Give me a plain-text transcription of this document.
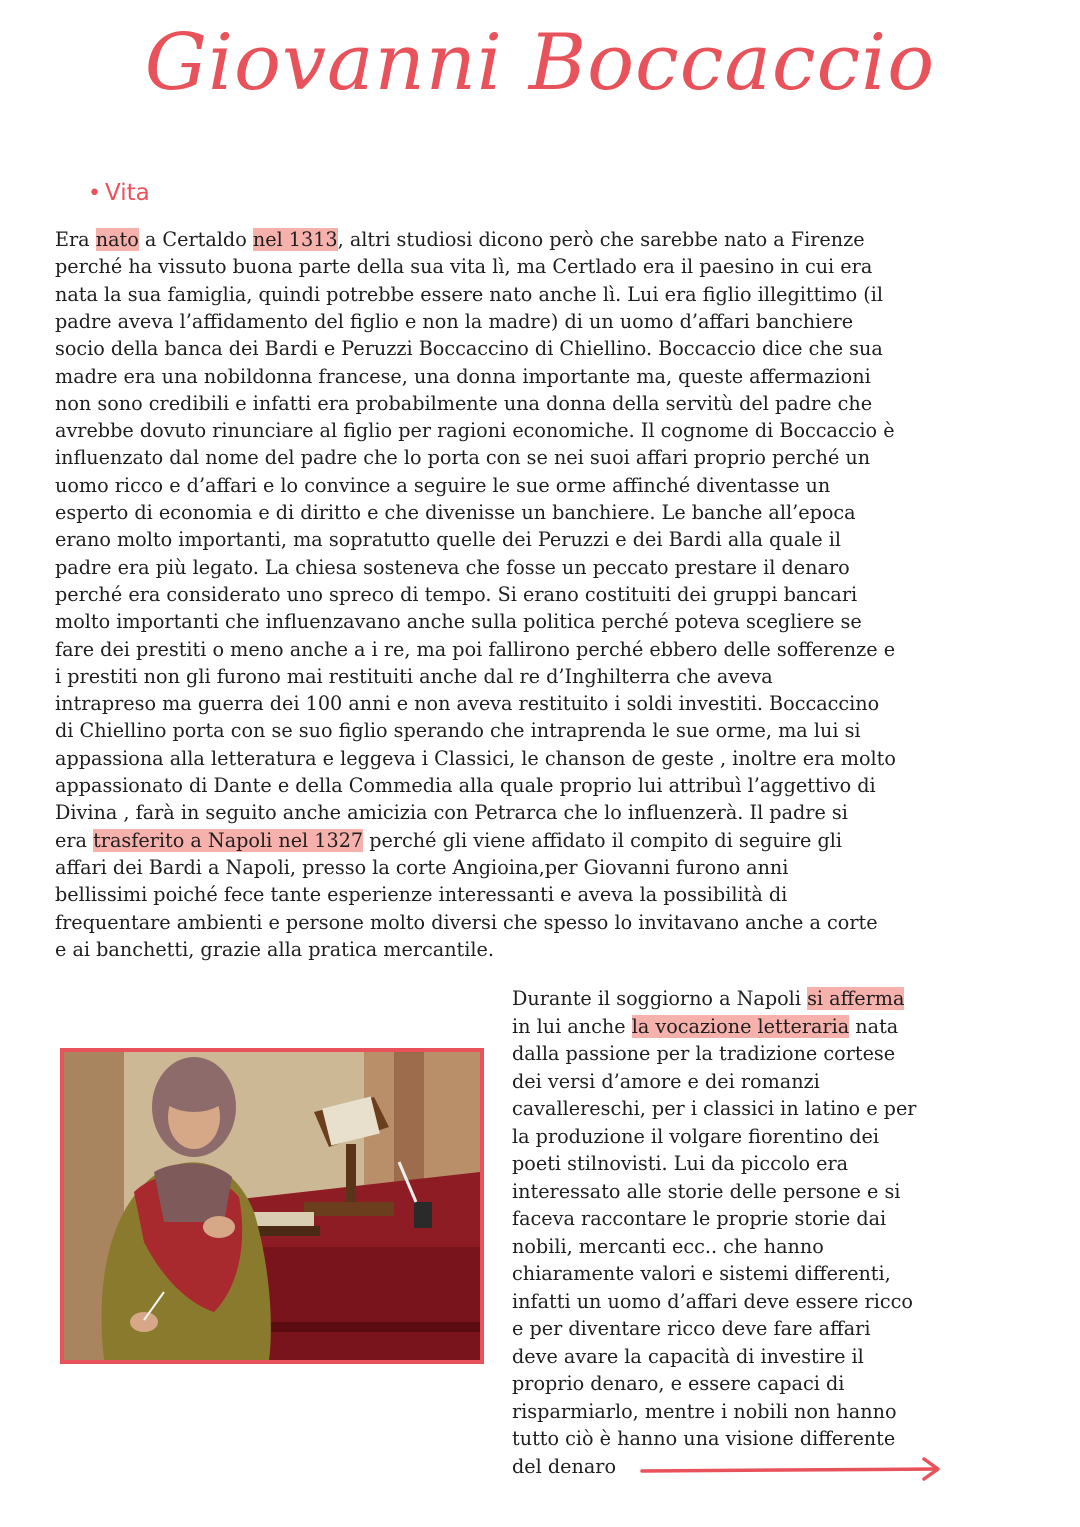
Giovanni Boccaccio
• Vita
Era nato a Certaldo nel 1313, altri studiosi dicono però che sarebbe nato a Firenze
perché ha vissuto buona parte della sua vita lì, ma Certlado era il paesino in cui era
nata la sua famiglia, quindi potrebbe essere nato anche lì. Lui era figlio illegittimo (il
padre aveva l’affidamento del figlio e non la madre) di un uomo d’affari banchiere
socio della banca dei Bardi e Peruzzi Boccaccino di Chiellino. Boccaccio dice che sua
madre era una nobildonna francese, una donna importante ma, queste affermazioni
non sono credibili e infatti era probabilmente una donna della servitù del padre che
avrebbe dovuto rinunciare al figlio per ragioni economiche. Il cognome di Boccaccio è
influenzato dal nome del padre che lo porta con se nei suoi affari proprio perché un
uomo ricco e d’affari e lo convince a seguire le sue orme affinché diventasse un
esperto di economia e di diritto e che divenisse un banchiere. Le banche all’epoca
erano molto importanti, ma sopratutto quelle dei Peruzzi e dei Bardi alla quale il
padre era più legato. La chiesa sosteneva che fosse un peccato prestare il denaro
perché era considerato uno spreco di tempo. Si erano costituiti dei gruppi bancari
molto importanti che influenzavano anche sulla politica perché poteva scegliere se
fare dei prestiti o meno anche a i re, ma poi fallirono perché ebbero delle sofferenze e
i prestiti non gli furono mai restituiti anche dal re d’Inghilterra che aveva
intrapreso ma guerra dei 100 anni e non aveva restituito i soldi investiti. Boccaccino
di Chiellino porta con se suo figlio sperando che intraprenda le sue orme, ma lui si
appassiona alla letteratura e leggeva i Classici, le chanson de geste , inoltre era molto
appassionato di Dante e della Commedia alla quale proprio lui attribuì l’aggettivo di
Divina , farà in seguito anche amicizia con Petrarca che lo influenzerà. Il padre si
era trasferito a Napoli nel 1327 perché gli viene affidato il compito di seguire gli
affari dei Bardi a Napoli, presso la corte Angioina,per Giovanni furono anni
bellissimi poiché fece tante esperienze interessanti e aveva la possibilità di
frequentare ambienti e persone molto diversi che spesso lo invitavano anche a corte
e ai banchetti, grazie alla pratica mercantile.
Durante il soggiorno a Napoli si afferma
in lui anche la vocazione letteraria nata
dalla passione per la tradizione cortese
dei versi d’amore e dei romanzi
cavallereschi, per i classici in latino e per
la produzione il volgare fiorentino dei
poeti stilnovisti. Lui da piccolo era
interessato alle storie delle persone e si
faceva raccontare le proprie storie dai
nobili, mercanti ecc.. che hanno
chiaramente valori e sistemi differenti,
infatti un uomo d’affari deve essere ricco
e per diventare ricco deve fare affari
deve avare la capacità di investire il
proprio denaro, e essere capaci di
risparmiarlo, mentre i nobili non hanno
tutto ciò è hanno una visione differente
del denaro
